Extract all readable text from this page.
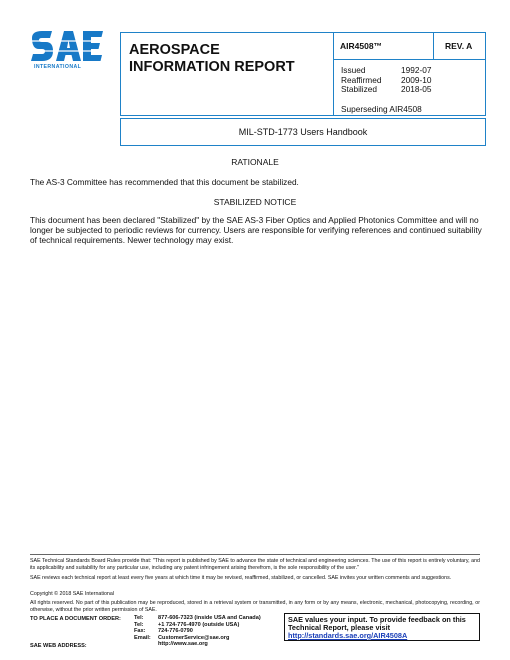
INTERNATIONAL
AEROSPACE
INFORMATION REPORT
AIR4508™	REV. A
Issued	1992-07
Reaffirmed	2009-10
Stabilized	2018-05
Superseding AIR4508
MIL-STD-1773 Users Handbook
RATIONALE
The AS-3 Committee has recommended that this document be stabilized.
STABILIZED NOTICE
This document has been declared "Stabilized" by the SAE AS-3 Fiber Optics and Applied Photonics Committee and will no longer be subjected to periodic reviews for currency. Users are responsible for verifying references and continued suitability of technical requirements. Newer technology may exist.
SAE Technical Standards Board Rules provide that: "This report is published by SAE to advance the state of technical and engineering sciences. The use of this report is entirely voluntary, and its applicability and suitability for any particular use, including any patent infringement arising therefrom, is the sole responsibility of the user."
SAE reviews each technical report at least every five years at which time it may be revised, reaffirmed, stabilized, or cancelled. SAE invites your written comments and suggestions.
Copyright © 2018 SAE International
All rights reserved. No part of this publication may be reproduced, stored in a retrieval system or transmitted, in any form or by any means, electronic, mechanical, photocopying, recording, or otherwise, without the prior written permission of SAE.
TO PLACE A DOCUMENT ORDER:
SAE WEB ADDRESS:
Tel:	877-606-7323 (inside USA and Canada)
Tel:	+1 724-776-4970 (outside USA)
Fax:	724-776-0790
Email:	CustomerService@sae.org
http://www.sae.org
SAE values your input. To provide feedback on this
Technical Report, please visit
http://standards.sae.org/AIR4508A
